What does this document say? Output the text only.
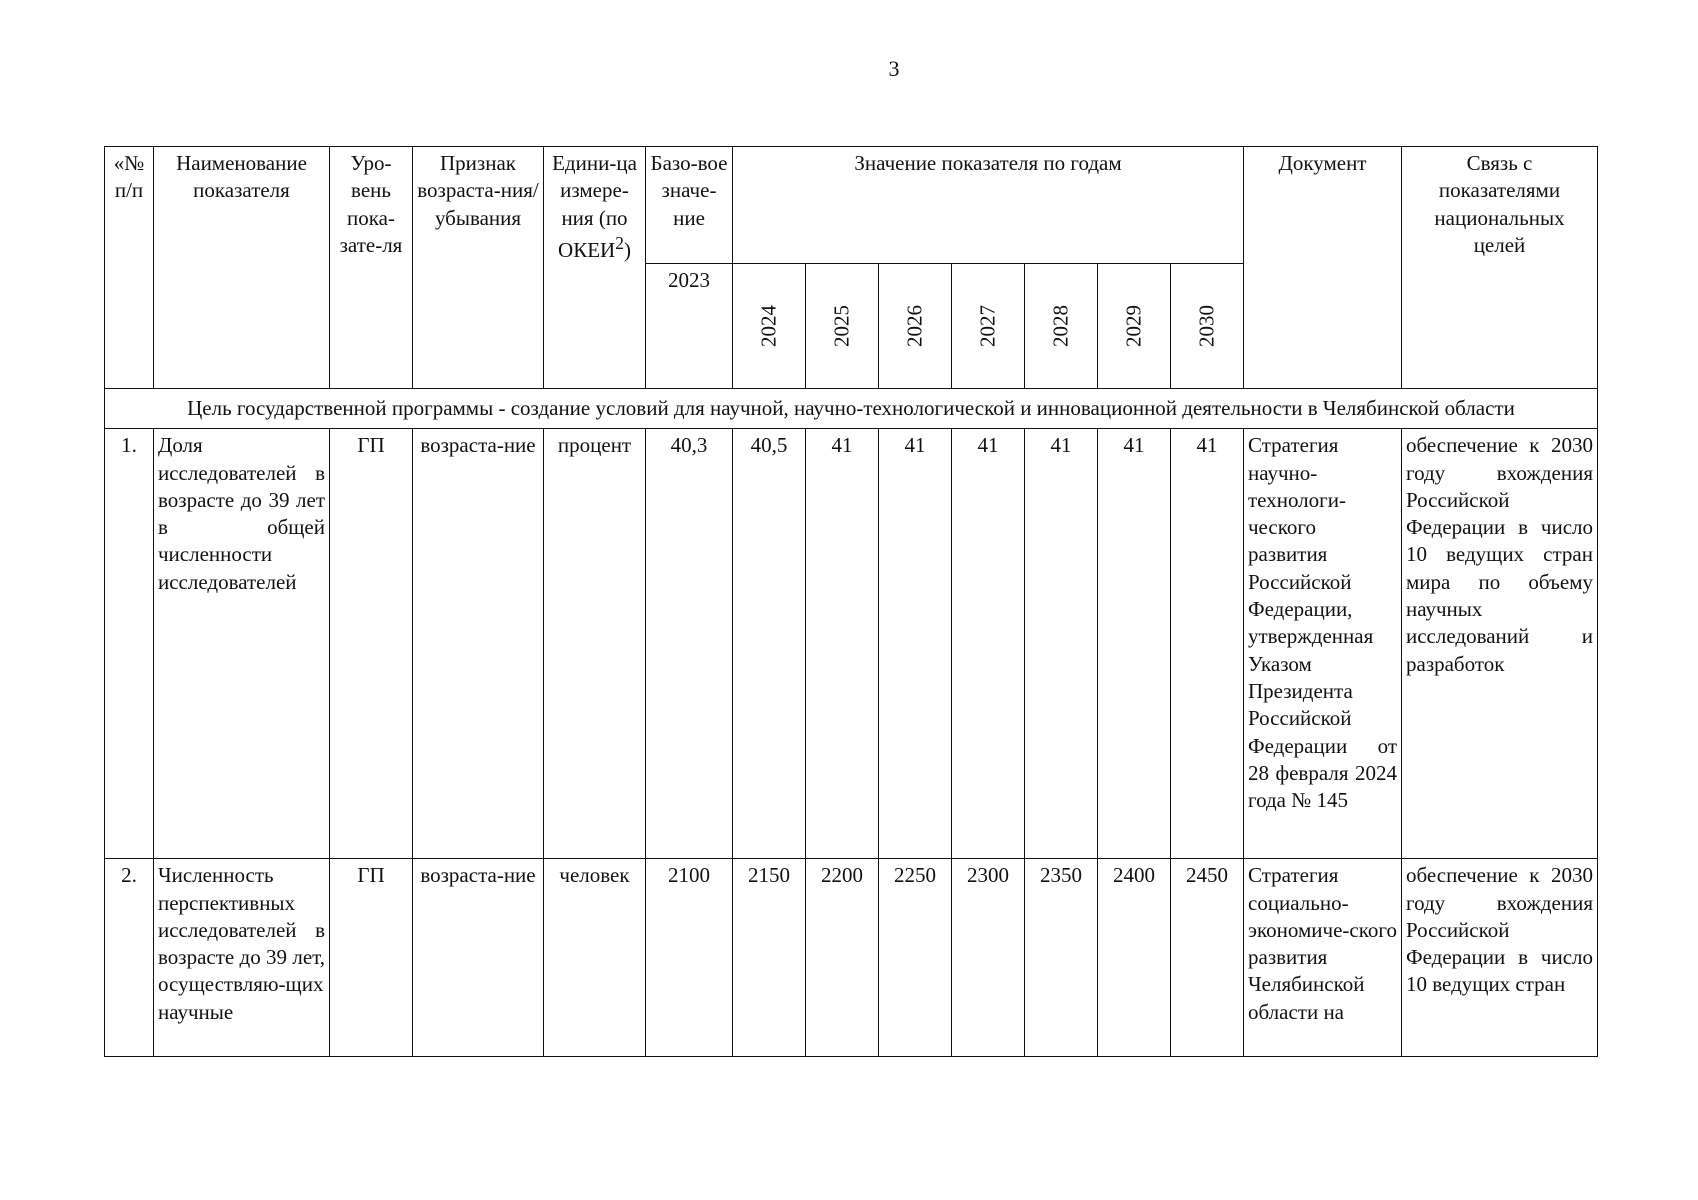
3
«№ п/п	Наименование показателя	Уро-вень пока-зате-ля	Признак возраста-ния/ убывания	Едини-ца измере-ния (по ОКЕИ$^2$)	Базо-вое значе-ние	Значение показателя по годам							Документ	Связь с показателями национальных целей
					2023	2024	2025	2026	2027	2028	2029	2030		

Цель государственной программы - создание условий для научной, научно-технологической и инновационной деятельности в Челябинской области														
1.	Доля исследователей в возрасте до 39 лет в общей численности исследователей	ГП	возраста-ние	процент	40,3	40,5	41	41	41	41	41	41	Стратегия научно-технологи-ческого развития Российской Федерации, утвержденная Указом Президента Российской Федерации от 28 февраля 2024 года № 145	обеспечение к 2030 году вхождения Российской Федерации в число 10 ведущих стран мира по объему научных исследований и разработок
2.	Численность перспективных исследователей в возрасте до 39 лет, осуществляю-щих научные	ГП	возраста-ние	человек	2100	2150	2200	2250	2300	2350	2400	2450	Стратегия социально-экономиче-ского развития Челябинской области на	обеспечение к 2030 году вхождения Российской Федерации в число 10 ведущих стран
